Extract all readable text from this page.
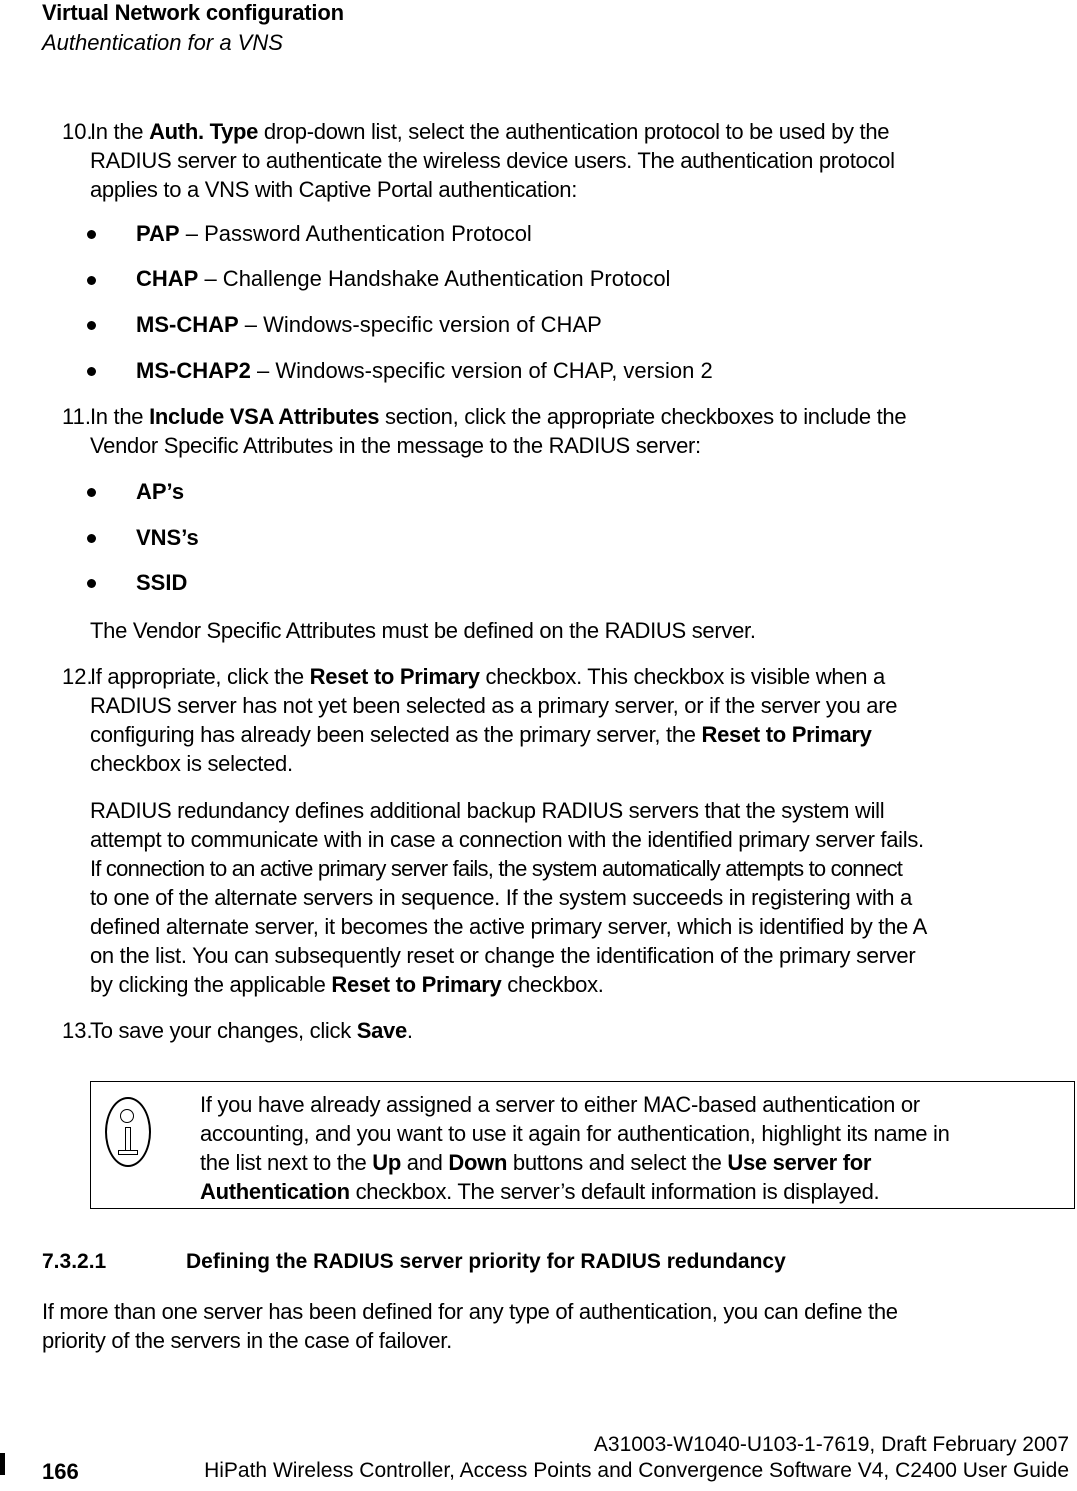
Virtual Network configuration
Authentication for a VNS
10.
In the Auth. Type drop-down list, select the authentication protocol to be used by the
RADIUS server to authenticate the wireless device users. The authentication protocol
applies to a VNS with Captive Portal authentication:
PAP – Password Authentication Protocol
CHAP – Challenge Handshake Authentication Protocol
MS-CHAP – Windows-specific version of CHAP
MS-CHAP2 – Windows-specific version of CHAP, version 2
11. In the Include VSA Attributes section, click the appropriate checkboxes to include the
Vendor Specific Attributes in the message to the RADIUS server:
AP’s
VNS’s
SSID
The Vendor Specific Attributes must be defined on the RADIUS server.
12.
If appropriate, click the Reset to Primary checkbox. This checkbox is visible when a
RADIUS server has not yet been selected as a primary server, or if the server you are
configuring has already been selected as the primary server, the Reset to Primary
checkbox is selected.
RADIUS redundancy defines additional backup RADIUS servers that the system will
attempt to communicate with in case a connection with the identified primary server fails.
If connection to an active primary server fails, the system automatically attempts to connect
to one of the alternate servers in sequence. If the system succeeds in registering with a
defined alternate server, it becomes the active primary server, which is identified by the A
on the list. You can subsequently reset or change the identification of the primary server
by clicking the applicable Reset to Primary checkbox.
13.
To save your changes, click Save.
If you have already assigned a server to either MAC-based authentication or
accounting, and you want to use it again for authentication, highlight its name in
the list next to the Up and Down buttons and select the Use server for
Authentication checkbox. The server’s default information is displayed.
7.3.2.1	Defining the RADIUS server priority for RADIUS redundancy
If more than one server has been defined for any type of authentication, you can define the
priority of the servers in the case of failover.
166
A31003-W1040-U103-1-7619, Draft February 2007
HiPath Wireless Controller, Access Points and Convergence Software V4, C2400 User Guide
